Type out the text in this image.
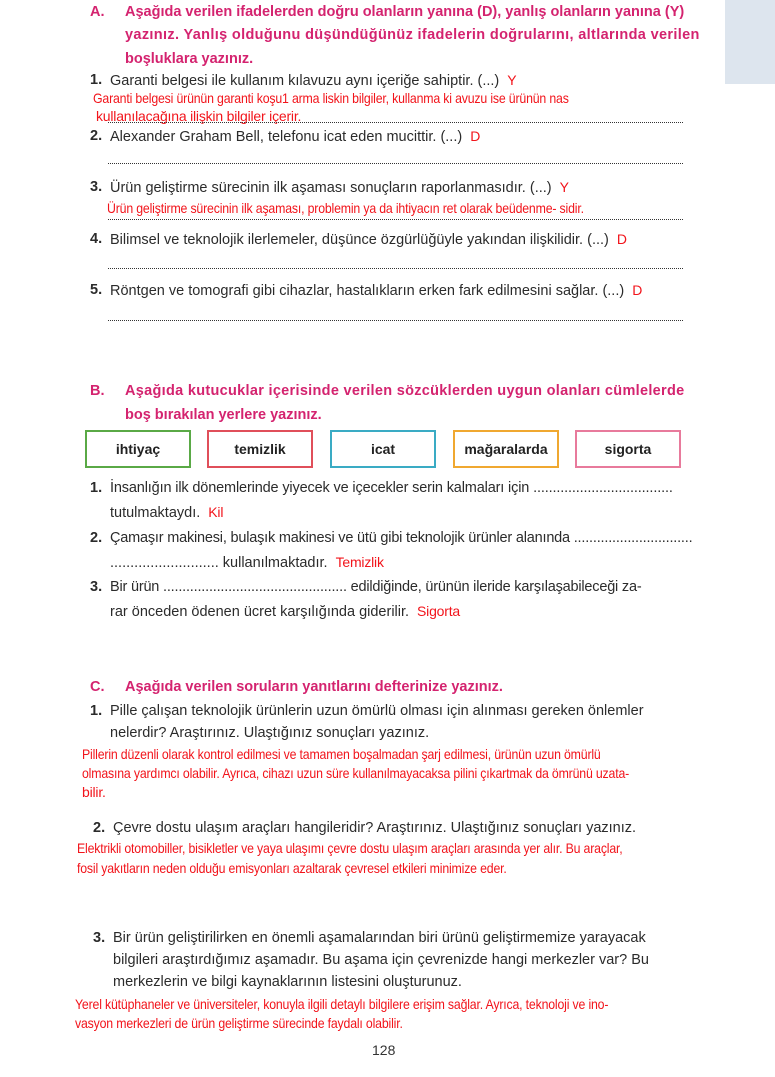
A. Aşağıda verilen ifadelerden doğru olanların yanına (D), yanlış olanların yanına (Y)
yazınız. Yanlış olduğunu düşündüğünüz ifadelerin doğrularını, altlarında verilen
boşluklara yazınız.
1. Garanti belgesi ile kullanım kılavuzu aynı içeriğe sahiptir. (...) Y
Garanti belgesi ürünün garanti koşu1 arma liskin bilgiler, kullanma ki avuzu ise ürünün nas
kullanılacağına ilişkin bilgiler içerir.
2. Alexander Graham Bell, telefonu icat eden mucittir. (...) D
3. Ürün geliştirme sürecinin ilk aşaması sonuçların raporlanmasıdır. (...) Y
Ürün geliştirme sürecinin ilk aşaması, problemin ya da ihtiyacın ret olarak beüdenme- sidir.
4. Bilimsel ve teknolojik ilerlemeler, düşünce özgürlüğüyle yakından ilişkilidir. (...) D
5. Röntgen ve tomografi gibi cihazlar, hastalıkların erken fark edilmesini sağlar. (...) D
B. Aşağıda kutucuklar içerisinde verilen sözcüklerden uygun olanları cümlelerde
boş bırakılan yerlere yazınız.
ihtiyaç	temizlik	icat	mağaralarda	sigorta
1. İnsanlığın ilk dönemlerinde yiyecek ve içecekler serin kalmaları için ....................................
tutulmaktaydı. Kil
2. Çamaşır makinesi, bulaşık makinesi ve ütü gibi teknolojik ürünler alanında ...............................
........................... kullanılmaktadır. Temizlik
3. Bir ürün ................................................ edildiğinde, ürünün ileride karşılaşabileceği za-
rar önceden ödenen ücret karşılığında giderilir. Sigorta
C. Aşağıda verilen soruların yanıtlarını defterinize yazınız.
1. Pille çalışan teknolojik ürünlerin uzun ömürlü olması için alınması gereken önlemler
nelerdir? Araştırınız. Ulaştığınız sonuçları yazınız.
Pillerin düzenli olarak kontrol edilmesi ve tamamen boşalmadan şarj edilmesi, ürünün uzun ömürlü
olmasına yardımcı olabilir. Ayrıca, cihazı uzun süre kullanılmayacaksa pilini çıkartmak da ömrünü uzata-
bilir.
2. Çevre dostu ulaşım araçları hangileridir? Araştırınız. Ulaştığınız sonuçları yazınız.
Elektrikli otomobiller, bisikletler ve yaya ulaşımı çevre dostu ulaşım araçları arasında yer alır. Bu araçlar,
fosil yakıtların neden olduğu emisyonları azaltarak çevresel etkileri minimize eder.
3. Bir ürün geliştirilirken en önemli aşamalarından biri ürünü geliştirmemize yarayacak
bilgileri araştırdığımız aşamadır. Bu aşama için çevrenizde hangi merkezler var? Bu
merkezlerin ve bilgi kaynaklarının listesini oluşturunuz.
Yerel kütüphaneler ve üniversiteler, konuyla ilgili detaylı bilgilere erişim sağlar. Ayrıca, teknoloji ve ino-
vasyon merkezleri de ürün geliştirme sürecinde faydalı olabilir.
128
